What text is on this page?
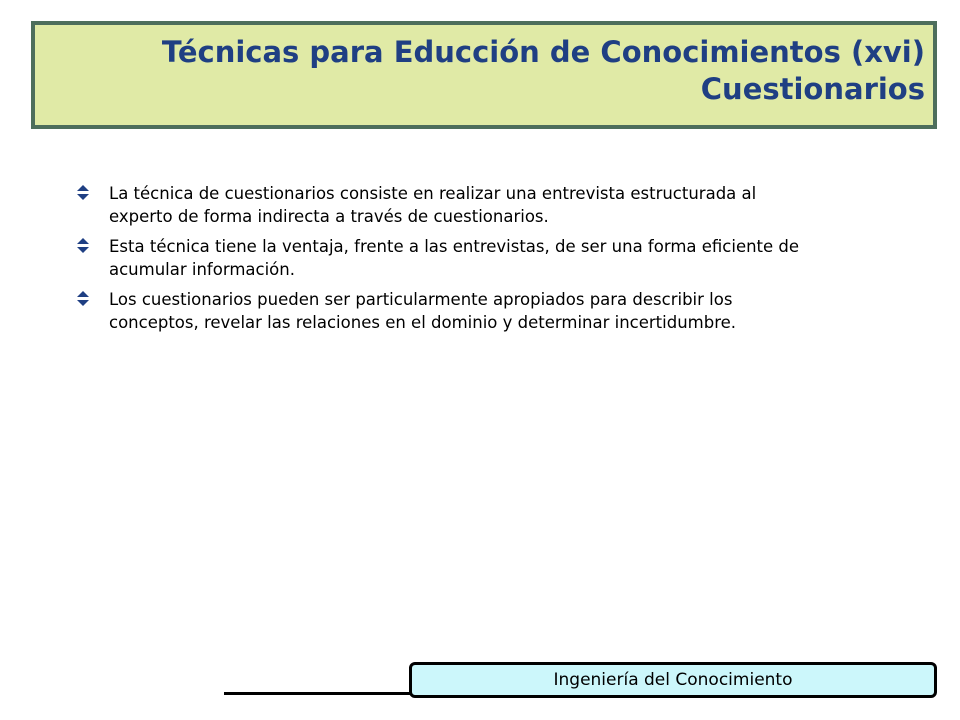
Técnicas para Educción de Conocimientos (xvi)
Cuestionarios
La técnica de cuestionarios consiste en realizar una entrevista estructurada al
experto de forma indirecta a través de cuestionarios.
Esta técnica tiene la ventaja, frente a las entrevistas, de ser una forma eficiente de
acumular información.
Los cuestionarios pueden ser particularmente apropiados para describir los
conceptos, revelar las relaciones en el dominio y determinar incertidumbre.
Ingeniería del Conocimiento
